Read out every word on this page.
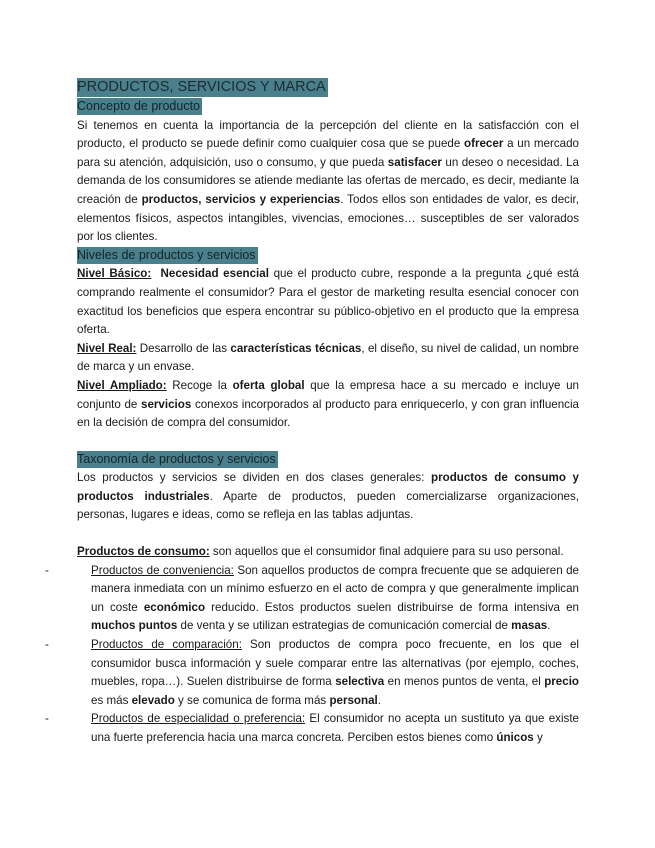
PRODUCTOS, SERVICIOS Y MARCA
Concepto de producto

Si tenemos en cuenta la importancia de la percepción del cliente en la satisfacción con el producto, el producto se puede definir como cualquier cosa que se puede ofrecer a un mercado para su atención, adquisición, uso o consumo, y que pueda satisfacer un deseo o necesidad. La demanda de los consumidores se atiende mediante las ofertas de mercado, es decir, mediante la creación de productos, servicios y experiencias. Todos ellos son entidades de valor, es decir, elementos físicos, aspectos intangibles, vivencias, emociones… susceptibles de ser valorados por los clientes.

Niveles de productos y servicios

Nivel Básico: Necesidad esencial que el producto cubre, responde a la pregunta ¿qué está comprando realmente el consumidor? Para el gestor de marketing resulta esencial conocer con exactitud los beneficios que espera encontrar su público-objetivo en el producto que la empresa oferta.

Nivel Real: Desarrollo de las características técnicas, el diseño, su nivel de calidad, un nombre de marca y un envase.

Nivel Ampliado: Recoge la oferta global que la empresa hace a su mercado e incluye un conjunto de servicios conexos incorporados al producto para enriquecerlo, y con gran influencia en la decisión de compra del consumidor.

Taxonomía de productos y servicios

Los productos y servicios se dividen en dos clases generales: productos de consumo y productos industriales. Aparte de productos, pueden comercializarse organizaciones, personas, lugares e ideas, como se refleja en las tablas adjuntas.

Productos de consumo: son aquellos que el consumidor final adquiere para su uso personal.

-	Productos de conveniencia: Son aquellos productos de compra frecuente que se adquieren de manera inmediata con un mínimo esfuerzo en el acto de compra y que generalmente implican un coste económico reducido. Estos productos suelen distribuirse de forma intensiva en muchos puntos de venta y se utilizan estrategias de comunicación comercial de masas.
-	Productos de comparación: Son productos de compra poco frecuente, en los que el consumidor busca información y suele comparar entre las alternativas (por ejemplo, coches, muebles, ropa…). Suelen distribuirse de forma selectiva en menos puntos de venta, el precio es más elevado y se comunica de forma más personal.
-	Productos de especialidad o preferencia: El consumidor no acepta un sustituto ya que existe una fuerte preferencia hacia una marca concreta. Perciben estos bienes como únicos y
